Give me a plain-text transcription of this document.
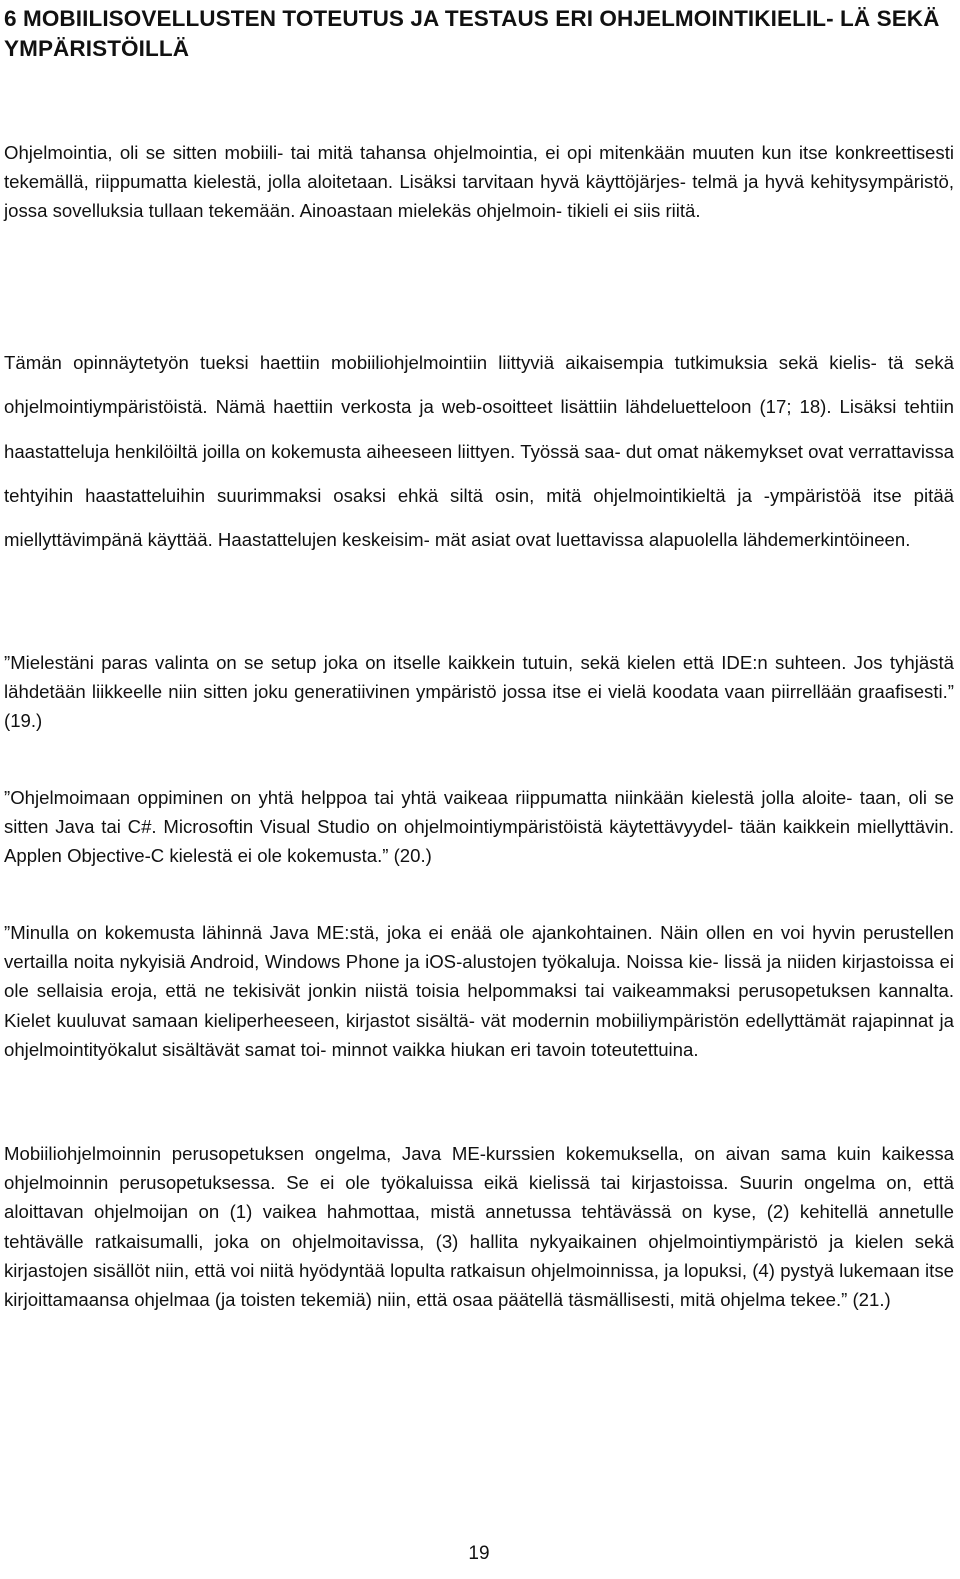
6 MOBIILISOVELLUSTEN TOTEUTUS JA TESTAUS ERI OHJELMOINTIKIELIL- LÄ SEKÄ YMPÄRISTÖILLÄ

Ohjelmointia, oli se sitten mobiili- tai mitä tahansa ohjelmointia, ei opi mitenkään muuten kun itse konkreettisesti tekemällä, riippumatta kielestä, jolla aloitetaan. Lisäksi tarvitaan hyvä käyttöjärjes- telmä ja hyvä kehitysympäristö, jossa sovelluksia tullaan tekemään. Ainoastaan mielekäs ohjelmoin- tikieli ei siis riitä.

Tämän opinnäytetyön tueksi haettiin mobiiliohjelmointiin liittyviä aikaisempia tutkimuksia sekä kielis- tä sekä ohjelmointiympäristöistä. Nämä haettiin verkosta ja web-osoitteet lisättiin lähdeluetteloon (17; 18). Lisäksi tehtiin haastatteluja henkilöiltä joilla on kokemusta aiheeseen liittyen. Työssä saa- dut omat näkemykset ovat verrattavissa tehtyihin haastatteluihin suurimmaksi osaksi ehkä siltä osin, mitä ohjelmointikieltä ja -ympäristöä itse pitää miellyttävimpänä käyttää. Haastattelujen keskeisim- mät asiat ovat luettavissa alapuolella lähdemerkintöineen.

”Mielestäni paras valinta on se setup joka on itselle kaikkein tutuin, sekä kielen että IDE:n suhteen. Jos tyhjästä lähdetään liikkeelle niin sitten joku generatiivinen ympäristö jossa itse ei vielä koodata vaan piirrellään graafisesti.” (19.)

”Ohjelmoimaan oppiminen on yhtä helppoa tai yhtä vaikeaa riippumatta niinkään kielestä jolla aloite- taan, oli se sitten Java tai C#. Microsoftin Visual Studio on ohjelmointiympäristöistä käytettävyydel- tään kaikkein miellyttävin. Applen Objective-C kielestä ei ole kokemusta.” (20.)

”Minulla on kokemusta lähinnä Java ME:stä, joka ei enää ole ajankohtainen. Näin ollen en voi hyvin perustellen vertailla noita nykyisiä Android, Windows Phone ja iOS-alustojen työkaluja. Noissa kie- lissä ja niiden kirjastoissa ei ole sellaisia eroja, että ne tekisivät jonkin niistä toisia helpommaksi tai vaikeammaksi perusopetuksen kannalta. Kielet kuuluvat samaan kieliperheeseen, kirjastot sisältä- vät modernin mobiiliympäristön edellyttämät rajapinnat ja ohjelmointityökalut sisältävät samat toi- minnot vaikka hiukan eri tavoin toteutettuina.

Mobiiliohjelmoinnin perusopetuksen ongelma, Java ME-kurssien kokemuksella, on aivan sama kuin kaikessa ohjelmoinnin perusopetuksessa. Se ei ole työkaluissa eikä kielissä tai kirjastoissa. Suurin ongelma on, että aloittavan ohjelmoijan on (1) vaikea hahmottaa, mistä annetussa tehtävässä on kyse, (2) kehitellä annetulle tehtävälle ratkaisumalli, joka on ohjelmoitavissa, (3) hallita nykyaikainen ohjelmointiympäristö ja kielen sekä kirjastojen sisällöt niin, että voi niitä hyödyntää lopulta ratkaisun ohjelmoinnissa, ja lopuksi, (4) pystyä lukemaan itse kirjoittamaansa ohjelmaa (ja toisten tekemiä) niin, että osaa päätellä täsmällisesti, mitä ohjelma tekee.” (21.)

19
